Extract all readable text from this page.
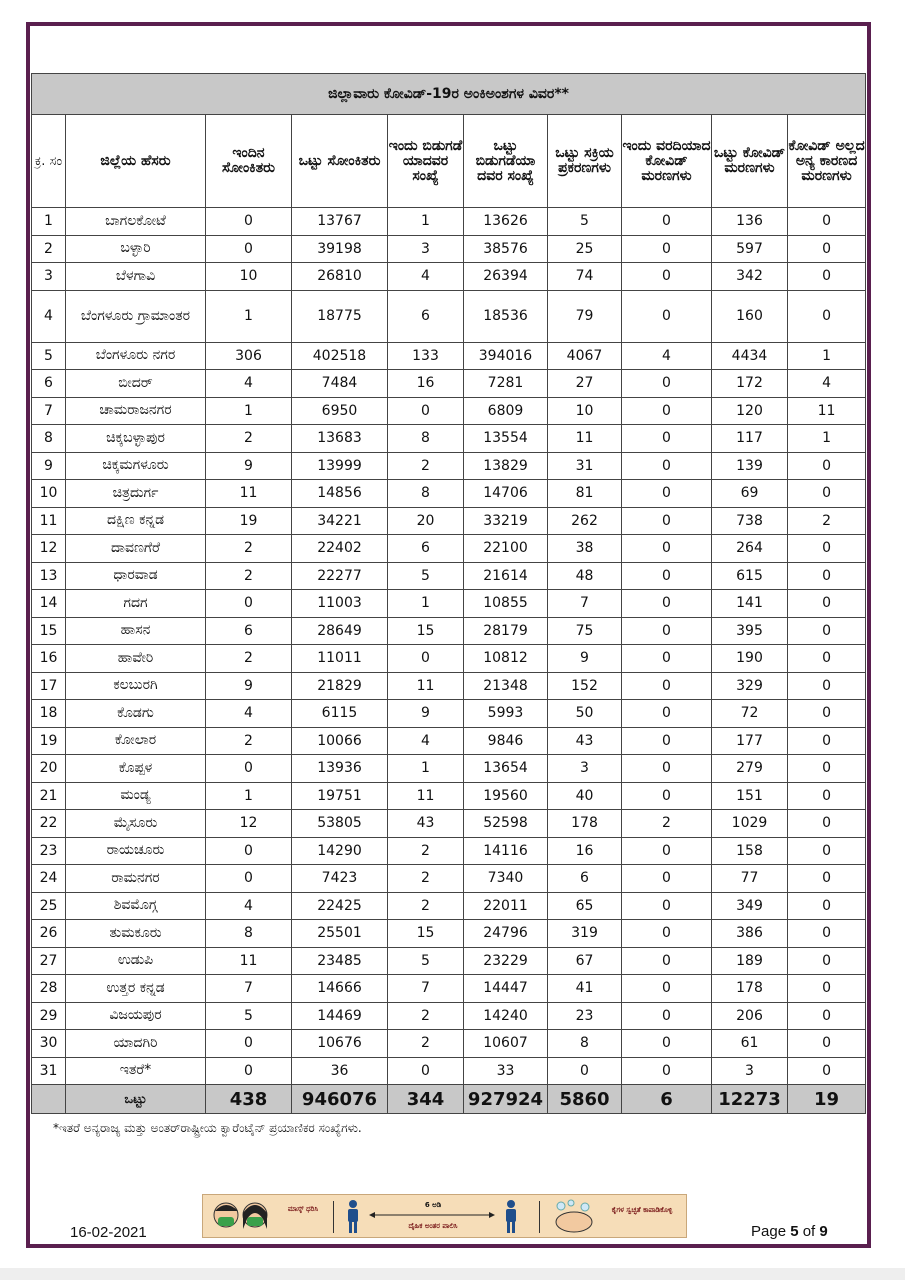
ಜಿಲ್ಲಾವಾರು ಕೋವಿಡ್-19ರ ಅಂಕಿಅಂಶಗಳ ವಿವರ**									
ಕ್ರ. ಸಂ	ಜಿಲ್ಲೆಯ ಹೆಸರು	ಇಂದಿನ ಸೋಂಕಿತರು	ಒಟ್ಟು ಸೋಂಕಿತರು	ಇಂದು ಬಿಡುಗಡೆ ಯಾದವರ ಸಂಖ್ಯೆ	ಒಟ್ಟು ಬಿಡುಗಡೆಯಾ ದವರ ಸಂಖ್ಯೆ	ಒಟ್ಟು ಸಕ್ರಿಯ ಪ್ರಕರಣಗಳು	ಇಂದು ವರದಿಯಾದ ಕೋವಿಡ್ ಮರಣಗಳು	ಒಟ್ಟು ಕೋವಿಡ್ ಮರಣಗಳು	ಕೋವಿಡ್ ಅಲ್ಲದ ಅನ್ಯ ಕಾರಣದ ಮರಣಗಳು
1	ಬಾಗಲಕೋಟೆ	0	13767	1	13626	5	0	136	0
2	ಬಳ್ಳಾರಿ	0	39198	3	38576	25	0	597	0
3	ಬೆಳಗಾವಿ	10	26810	4	26394	74	0	342	0
4	ಬೆಂಗಳೂರು ಗ್ರಾಮಾಂತರ	1	18775	6	18536	79	0	160	0
5	ಬೆಂಗಳೂರು ನಗರ	306	402518	133	394016	4067	4	4434	1
6	ಬೀದರ್	4	7484	16	7281	27	0	172	4
7	ಚಾಮರಾಜನಗರ	1	6950	0	6809	10	0	120	11
8	ಚಿಕ್ಕಬಳ್ಳಾಪುರ	2	13683	8	13554	11	0	117	1
9	ಚಿಕ್ಕಮಗಳೂರು	9	13999	2	13829	31	0	139	0
10	ಚಿತ್ರದುರ್ಗ	11	14856	8	14706	81	0	69	0
11	ದಕ್ಷಿಣ ಕನ್ನಡ	19	34221	20	33219	262	0	738	2
12	ದಾವಣಗೆರೆ	2	22402	6	22100	38	0	264	0
13	ಧಾರವಾಡ	2	22277	5	21614	48	0	615	0
14	ಗದಗ	0	11003	1	10855	7	0	141	0
15	ಹಾಸನ	6	28649	15	28179	75	0	395	0
16	ಹಾವೇರಿ	2	11011	0	10812	9	0	190	0
17	ಕಲಬುರಗಿ	9	21829	11	21348	152	0	329	0
18	ಕೊಡಗು	4	6115	9	5993	50	0	72	0
19	ಕೋಲಾರ	2	10066	4	9846	43	0	177	0
20	ಕೊಪ್ಪಳ	0	13936	1	13654	3	0	279	0
21	ಮಂಡ್ಯ	1	19751	11	19560	40	0	151	0
22	ಮೈಸೂರು	12	53805	43	52598	178	2	1029	0
23	ರಾಯಚೂರು	0	14290	2	14116	16	0	158	0
24	ರಾಮನಗರ	0	7423	2	7340	6	0	77	0
25	ಶಿವಮೊಗ್ಗ	4	22425	2	22011	65	0	349	0
26	ತುಮಕೂರು	8	25501	15	24796	319	0	386	0
27	ಉಡುಪಿ	11	23485	5	23229	67	0	189	0
28	ಉತ್ತರ ಕನ್ನಡ	7	14666	7	14447	41	0	178	0
29	ವಿಜಯಪುರ	5	14469	2	14240	23	0	206	0
30	ಯಾದಗಿರಿ	0	10676	2	10607	8	0	61	0
31	ಇತರೆ*	0	36	0	33	0	0	3	0
	ಒಟ್ಟು	438	946076	344	927924	5860	6	12273	19
*ಇತರೆ ಅನ್ಯರಾಜ್ಯ ಮತ್ತು ಅಂತರ್‌ರಾಷ್ಟ್ರೀಯ ಕ್ವಾರೆಂಟೈನ್ ಪ್ರಯಾಣಿಕರ ಸಂಖ್ಯೆಗಳು.
ಮಾಸ್ಕ್ ಧರಿಸಿ	6 ಅಡಿ
ದೈಹಿಕ ಅಂತರ ಪಾಲಿಸಿ
ಕೈಗಳ ಸ್ವಚ್ಛತೆ ಕಾಪಾಡಿಕೊಳ್ಳಿ
16-02-2021	Page 5 of 9
